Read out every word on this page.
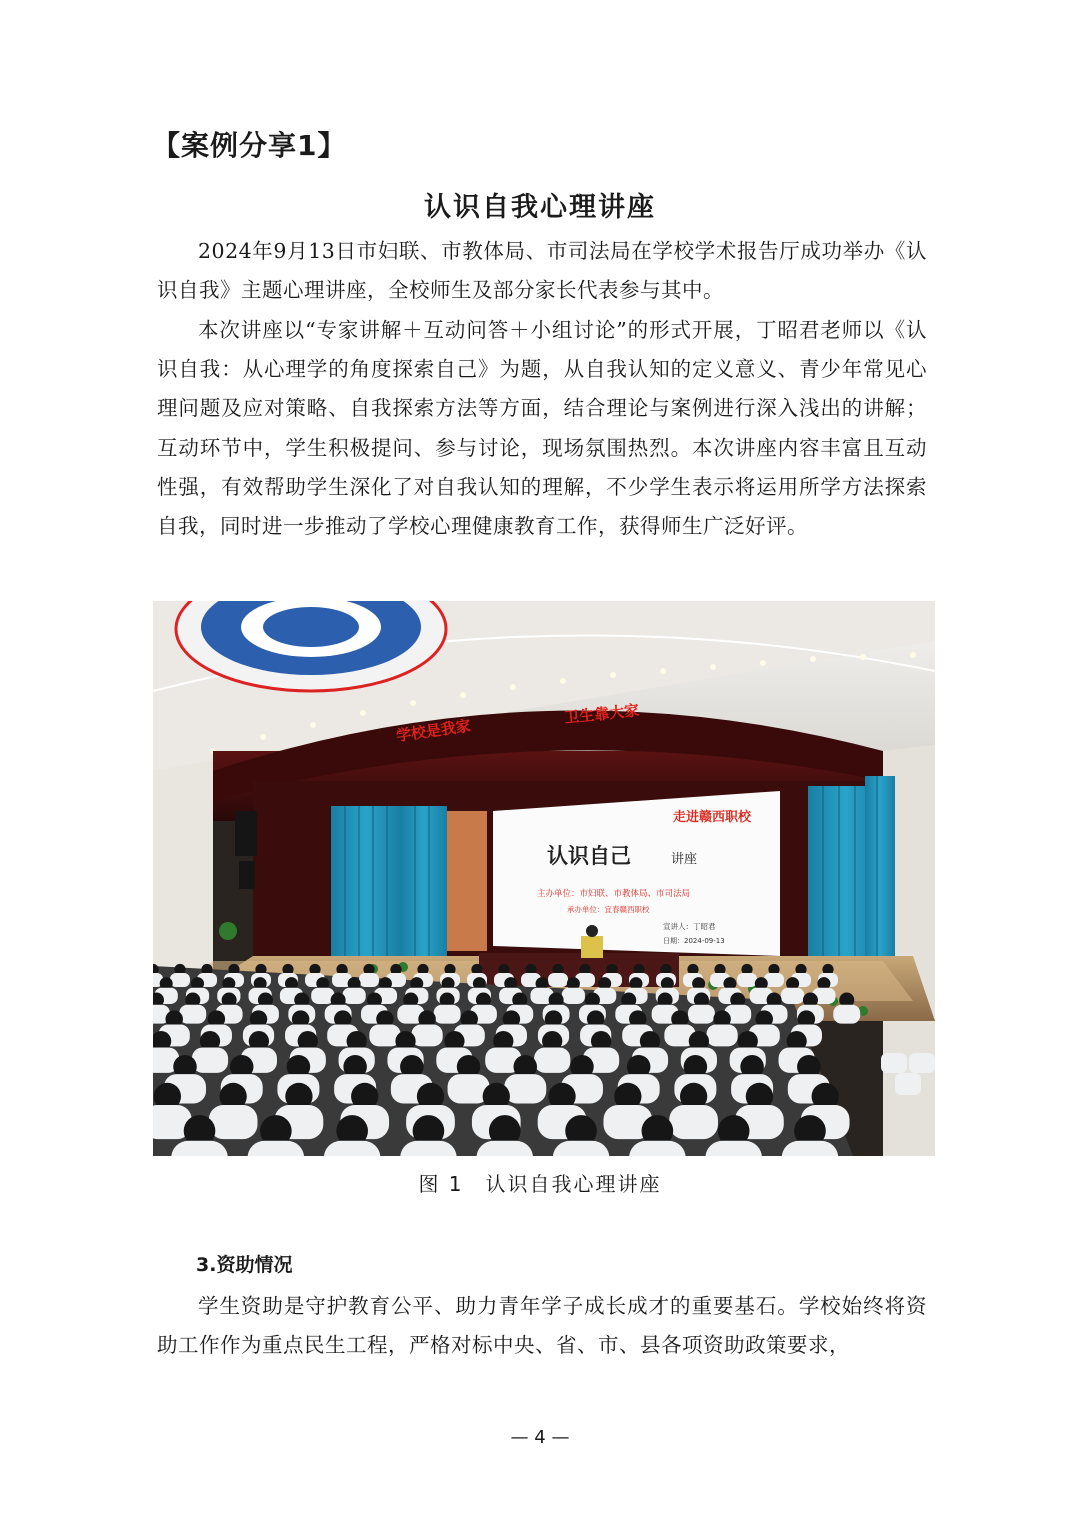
【案例分享1】
认识自我心理讲座

2024年9月13日市妇联、市教体局、市司法局在学校学术报告厅成功举办《认识自我》主题心理讲座，全校师生及部分家长代表参与其中。

本次讲座以“专家讲解＋互动问答＋小组讨论”的形式开展，丁昭君老师以《认识自我：从心理学的角度探索自己》为题，从自我认知的定义意义、青少年常见心理问题及应对策略、自我探索方法等方面，结合理论与案例进行深入浅出的讲解；互动环节中，学生积极提问、参与讨论，现场氛围热烈。本次讲座内容丰富且互动性强，有效帮助学生深化了对自我认知的理解，不少学生表示将运用所学方法探索自我，同时进一步推动了学校心理健康教育工作，获得师生广泛好评。

学校是我家
卫生靠大家
走进赣西职校
认识自己	讲座
主办单位：市妇联、市教体局、市司法局
承办单位：宜春赣西职校
宣讲人：丁昭君
日期：2024-09-13
图 1 认识自我心理讲座
3.资助情况

学生资助是守护教育公平、助力青年学子成长成才的重要基石。学校始终将资助工作作为重点民生工程，严格对标中央、省、市、县各项资助政策要求，

— 4 —
